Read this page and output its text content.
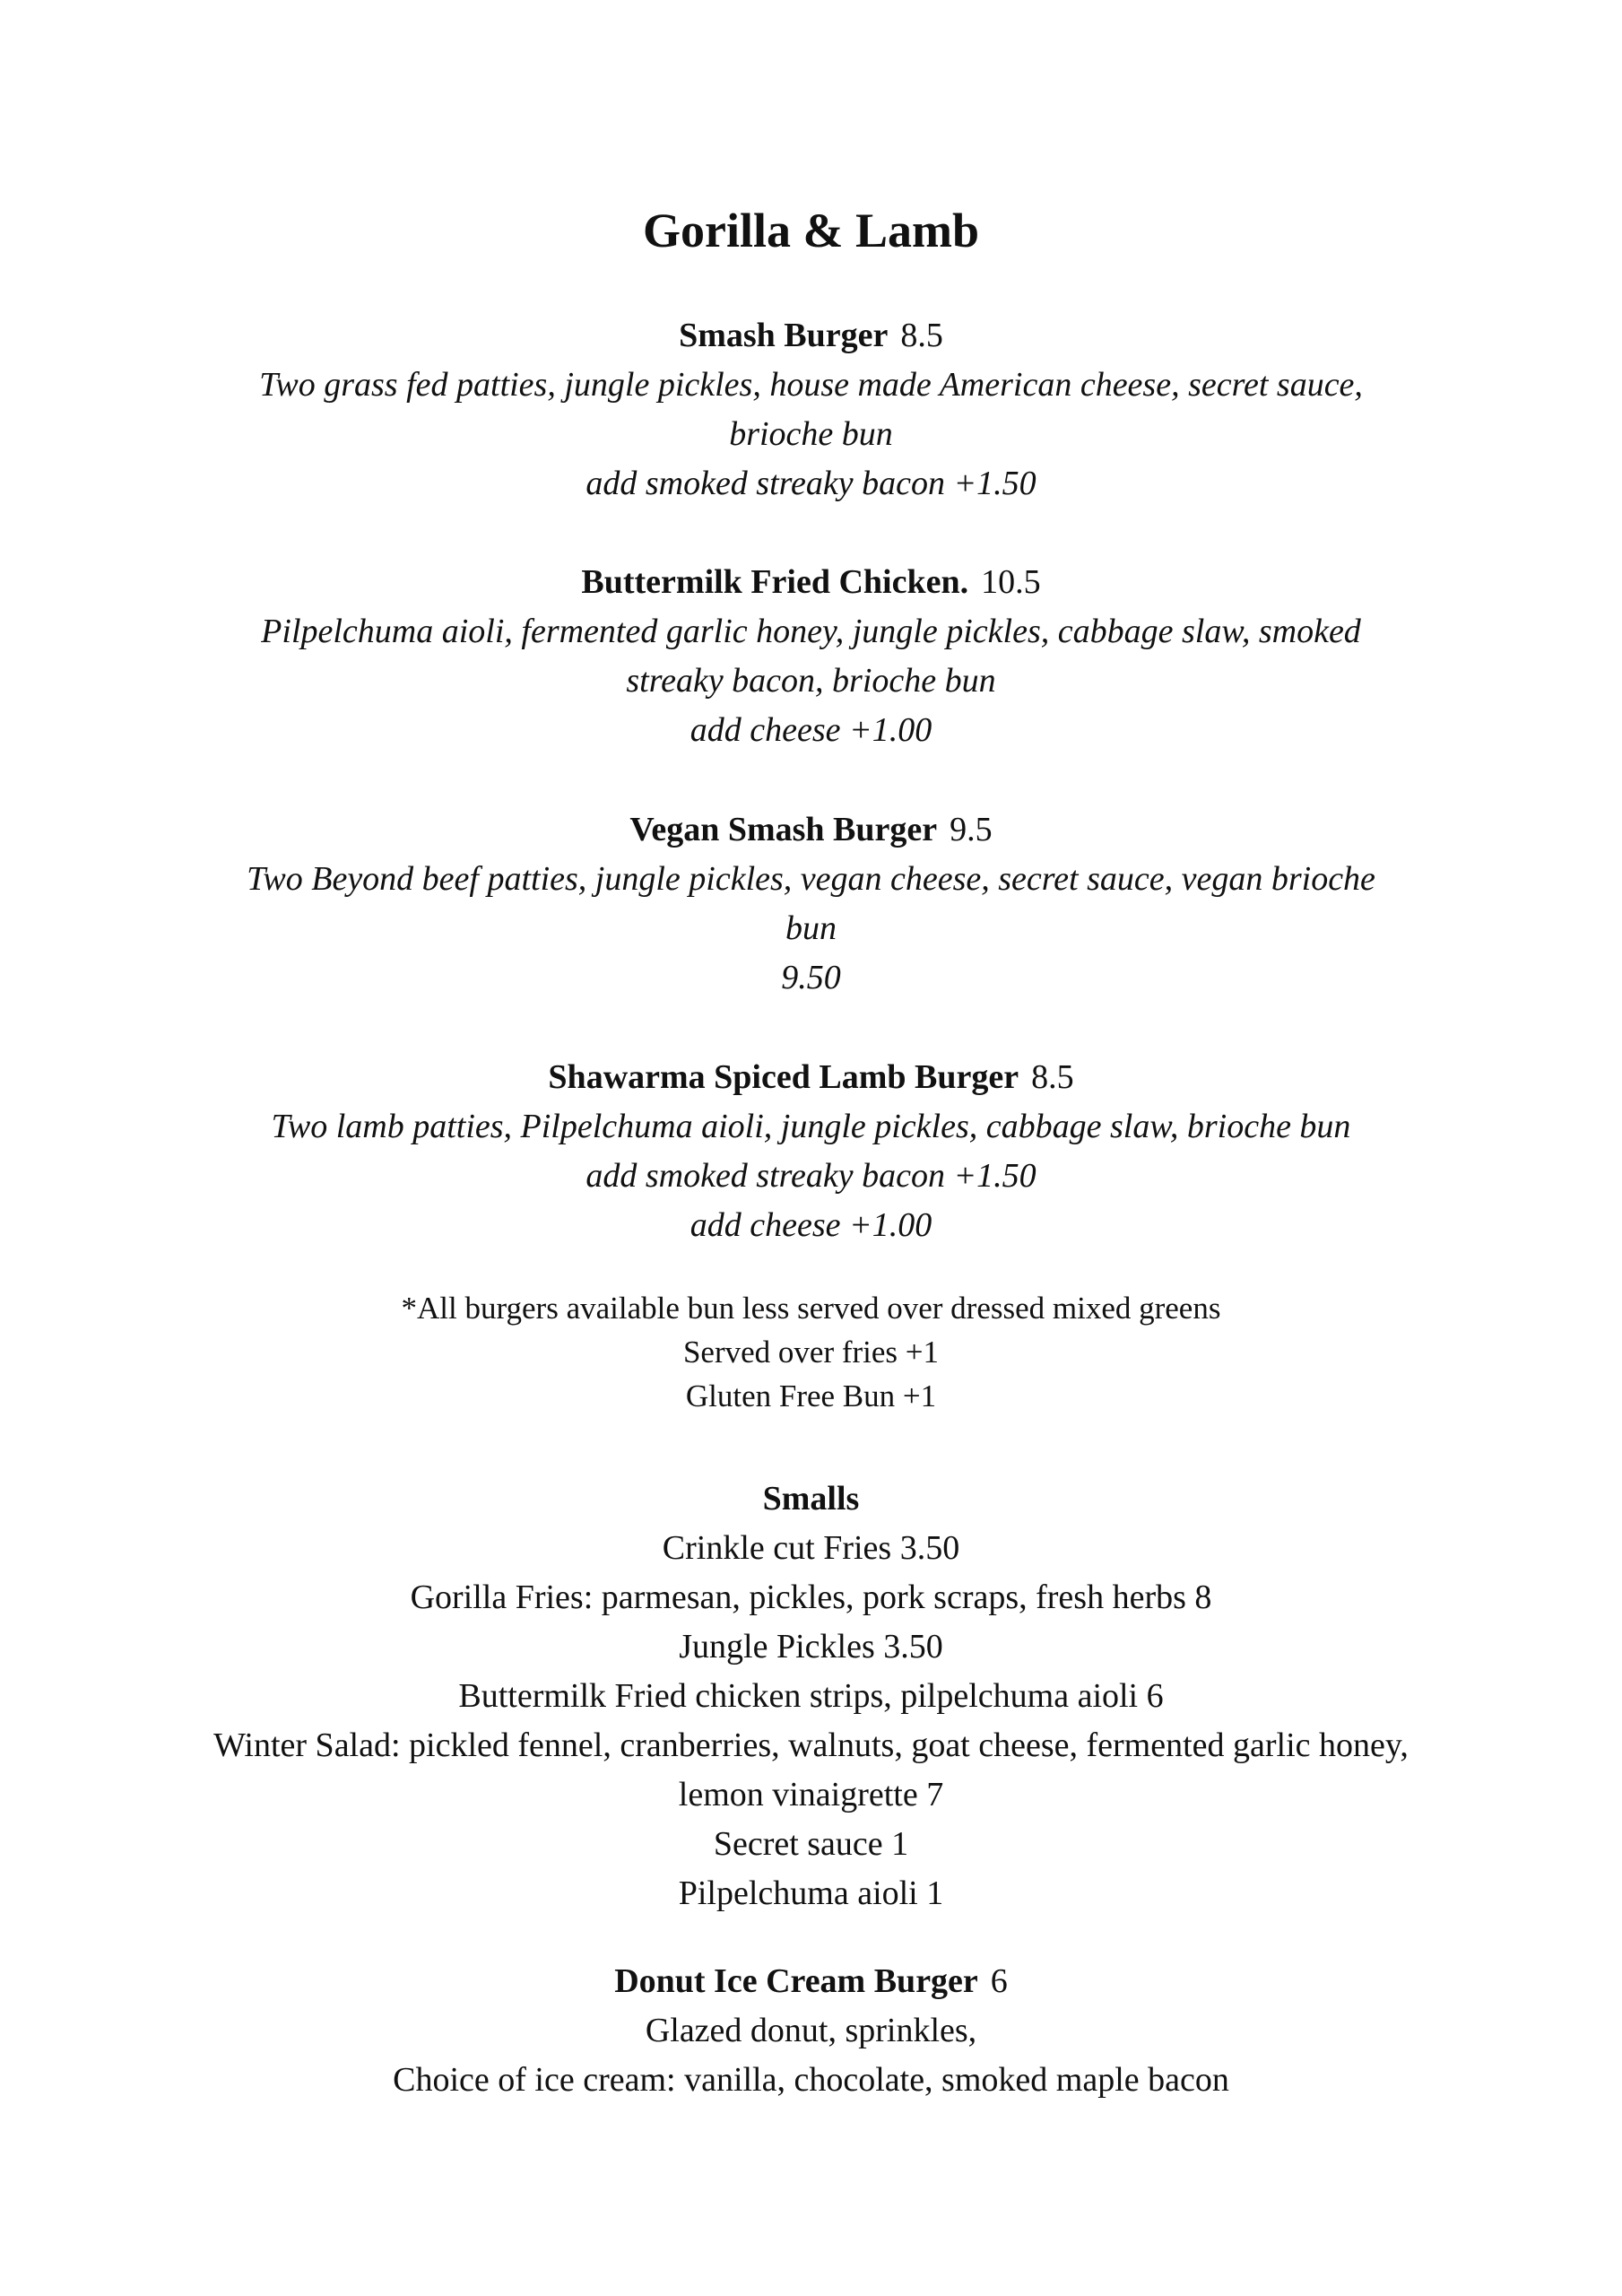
Gorilla & Lamb
Smash Burger 8.5
Two grass fed patties, jungle pickles, house made American cheese, secret sauce, brioche bun
add smoked streaky bacon +1.50
Buttermilk Fried Chicken. 10.5
Pilpelchuma aioli, fermented garlic honey, jungle pickles, cabbage slaw, smoked streaky bacon, brioche bun
add cheese +1.00
Vegan Smash Burger 9.5
Two Beyond beef patties, jungle pickles, vegan cheese, secret sauce, vegan brioche bun
9.50
Shawarma Spiced Lamb Burger 8.5
Two lamb patties, Pilpelchuma aioli, jungle pickles, cabbage slaw, brioche bun
add smoked streaky bacon +1.50
add cheese +1.00
*All burgers available bun less served over dressed mixed greens
Served over fries +1
Gluten Free Bun +1
Smalls
Crinkle cut Fries 3.50
Gorilla Fries: parmesan, pickles, pork scraps, fresh herbs 8
Jungle Pickles 3.50
Buttermilk Fried chicken strips, pilpelchuma aioli 6
Winter Salad: pickled fennel, cranberries, walnuts, goat cheese, fermented garlic honey, lemon vinaigrette 7
Secret sauce 1
Pilpelchuma aioli 1
Donut Ice Cream Burger 6
Glazed donut, sprinkles,
Choice of ice cream: vanilla, chocolate, smoked maple bacon
